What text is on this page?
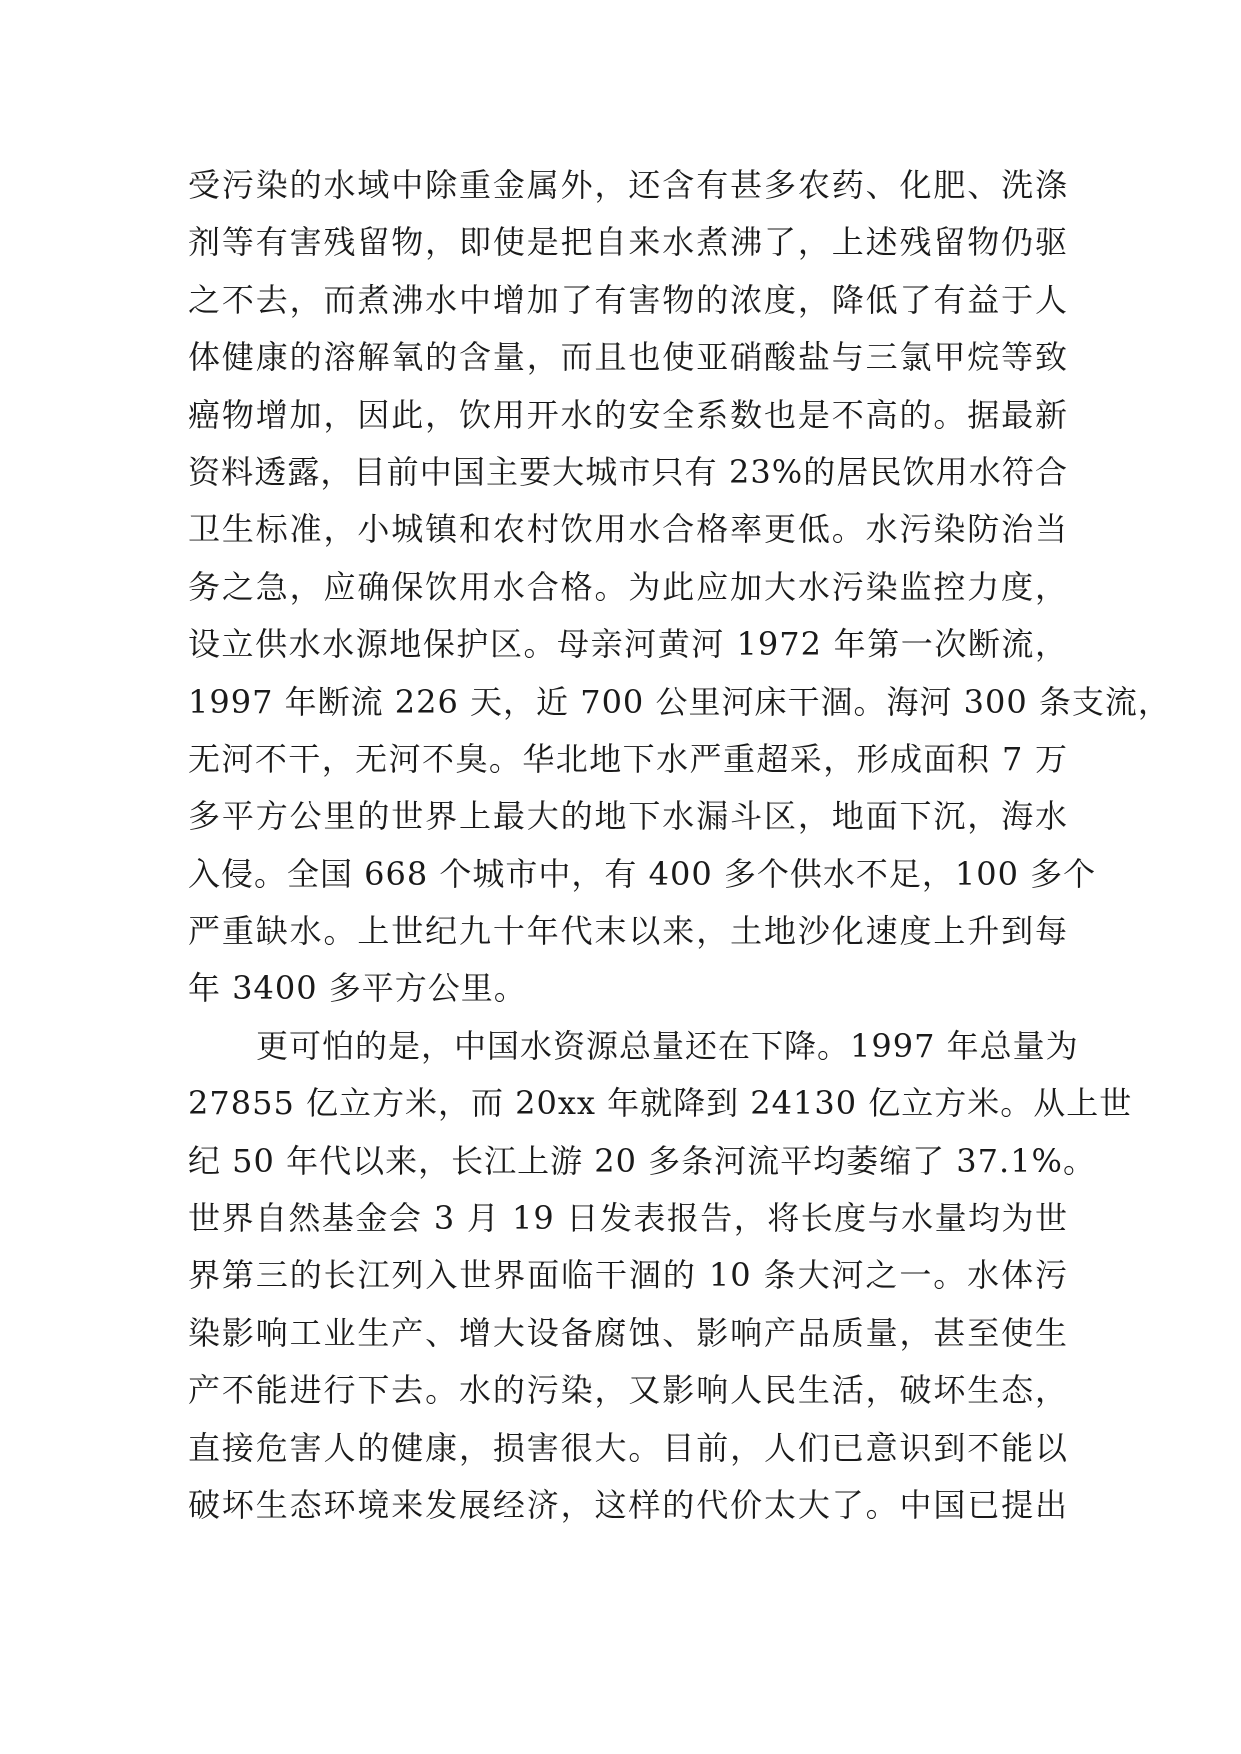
受污染的水域中除重金属外，还含有甚多农药、化肥、洗涤
剂等有害残留物，即使是把自来水煮沸了，上述残留物仍驱
之不去，而煮沸水中增加了有害物的浓度，降低了有益于人
体健康的溶解氧的含量，而且也使亚硝酸盐与三氯甲烷等致
癌物增加，因此，饮用开水的安全系数也是不高的。据最新
资料透露，目前中国主要大城市只有 23%的居民饮用水符合
卫生标准，小城镇和农村饮用水合格率更低。水污染防治当
务之急，应确保饮用水合格。为此应加大水污染监控力度，
设立供水水源地保护区。母亲河黄河 1972 年第一次断流，
1997 年断流 226 天，近 700 公里河床干涸。海河 300 条支流，
无河不干，无河不臭。华北地下水严重超采，形成面积 7 万
多平方公里的世界上最大的地下水漏斗区，地面下沉，海水
入侵。全国 668 个城市中，有 400 多个供水不足，100 多个
严重缺水。上世纪九十年代末以来，土地沙化速度上升到每
年 3400 多平方公里。
更可怕的是，中国水资源总量还在下降。1997 年总量为
27855 亿立方米，而 20xx 年就降到 24130 亿立方米。从上世
纪 50 年代以来，长江上游 20 多条河流平均萎缩了 37.1%。
世界自然基金会 3 月 19 日发表报告，将长度与水量均为世
界第三的长江列入世界面临干涸的 10 条大河之一。水体污
染影响工业生产、增大设备腐蚀、影响产品质量，甚至使生
产不能进行下去。水的污染，又影响人民生活，破坏生态，
直接危害人的健康，损害很大。目前，人们已意识到不能以
破坏生态环境来发展经济，这样的代价太大了。中国已提出
